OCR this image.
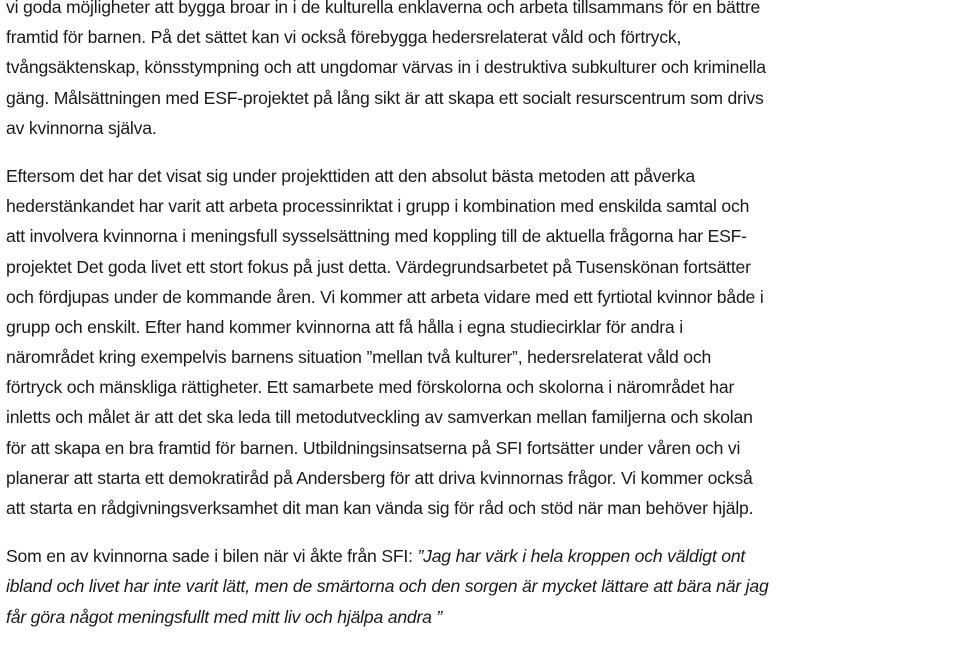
vi goda möjligheter att bygga broar in i de kulturella enklaverna och arbeta tillsammans för en bättre
framtid för barnen. På det sättet kan vi också förebygga hedersrelaterat våld och förtryck,
tvångsäktenskap, könsstympning och att ungdomar värvas in i destruktiva subkulturer och kriminella
gäng. Målsättningen med ESF-projektet på lång sikt är att skapa ett socialt resurscentrum som drivs
av kvinnorna själva.
Eftersom det har det visat sig under projekttiden att den absolut bästa metoden att påverka
hederstänkandet har varit att arbeta processinriktat i grupp i kombination med enskilda samtal och
att involvera kvinnorna i meningsfull sysselsättning med koppling till de aktuella frågorna har ESF-
projektet Det goda livet ett stort fokus på just detta. Värdegrundsarbetet på Tusenskönan fortsätter
och fördjupas under de kommande åren. Vi kommer att arbeta vidare med ett fyrtiotal kvinnor både i
grupp och enskilt. Efter hand kommer kvinnorna att få hålla i egna studiecirklar för andra i
närområdet kring exempelvis barnens situation ”mellan två kulturer”, hedersrelaterat våld och
förtryck och mänskliga rättigheter. Ett samarbete med förskolorna och skolorna i närområdet har
inletts och målet är att det ska leda till metodutveckling av samverkan mellan familjerna och skolan
för att skapa en bra framtid för barnen. Utbildningsinsatserna på SFI fortsätter under våren och vi
planerar att starta ett demokratiråd på Andersberg för att driva kvinnornas frågor. Vi kommer också
att starta en rådgivningsverksamhet dit man kan vända sig för råd och stöd när man behöver hjälp.
Som en av kvinnorna sade i bilen när vi åkte från SFI: ”Jag har värk i hela kroppen och väldigt ont
ibland och livet har inte varit lätt, men de smärtorna och den sorgen är mycket lättare att bära när jag
får göra något meningsfullt med mitt liv och hjälpa andra ”
